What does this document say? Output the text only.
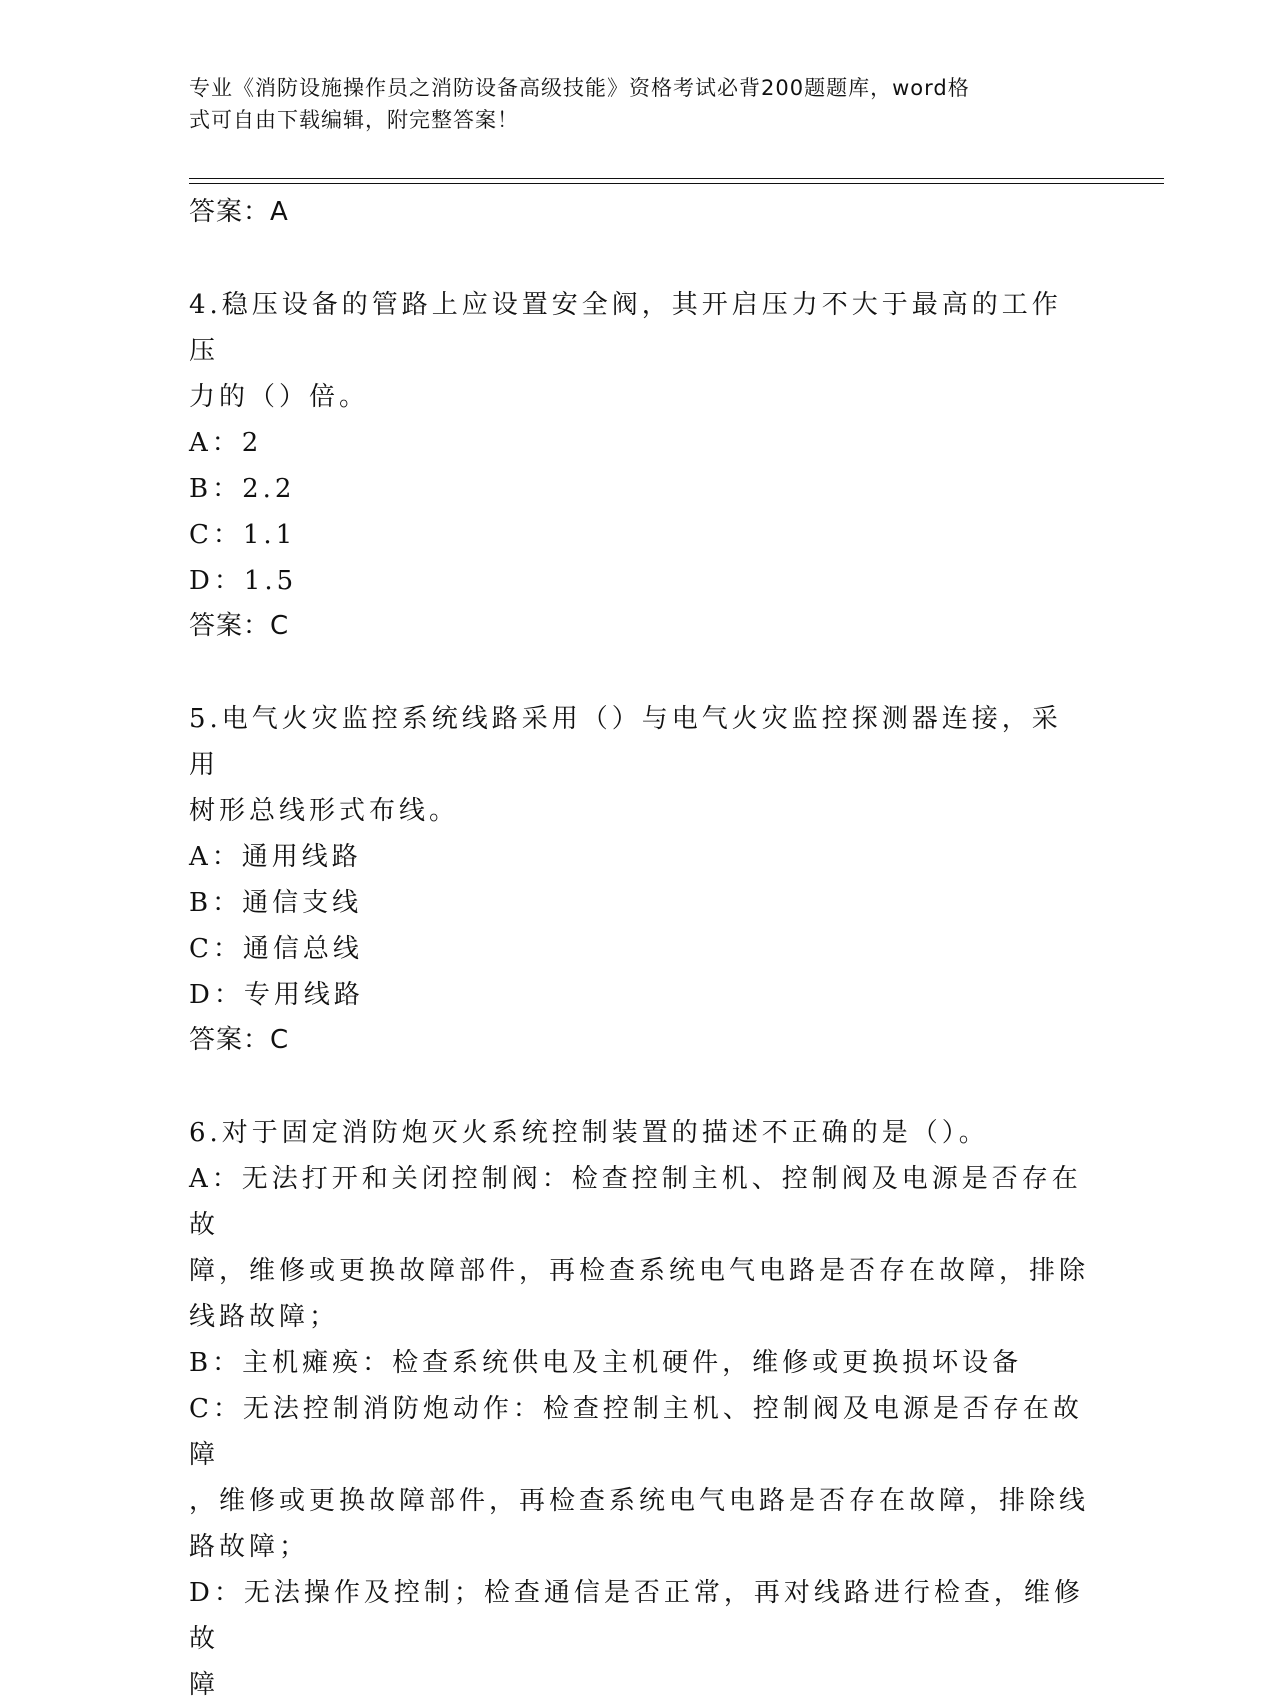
专业《消防设施操作员之消防设备高级技能》资格考试必背200题题库，word格
式可自由下载编辑，附完整答案！
答案：A

4.稳压设备的管路上应设置安全阀，其开启压力不大于最高的工作压

力的（）倍。

A：2

B：2.2

C：1.1

D：1.5

答案：C

5.电气火灾监控系统线路采用（）与电气火灾监控探测器连接，采用

树形总线形式布线。

A：通用线路

B：通信支线

C：通信总线

D：专用线路

答案：C

6.对于固定消防炮灭火系统控制装置的描述不正确的是（）。

A：无法打开和关闭控制阀：检查控制主机、控制阀及电源是否存在故

障，维修或更换故障部件，再检查系统电气电路是否存在故障，排除

线路故障；

B：主机瘫痪：检查系统供电及主机硬件，维修或更换损坏设备

C：无法控制消防炮动作：检查控制主机、控制阀及电源是否存在故障

，维修或更换故障部件，再检查系统电气电路是否存在故障，排除线

路故障；

D：无法操作及控制；检查通信是否正常，再对线路进行检查，维修故

障
